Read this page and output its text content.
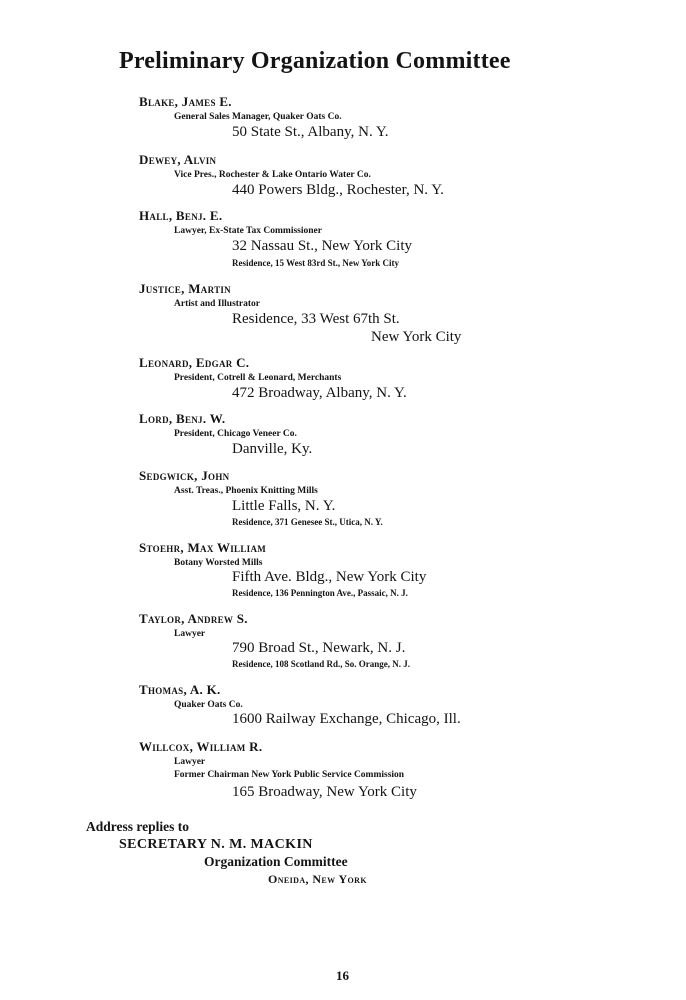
Preliminary Organization Committee
Blake, James E.
General Sales Manager, Quaker Oats Co.
50 State St., Albany, N. Y.
Dewey, Alvin
Vice Pres., Rochester & Lake Ontario Water Co.
440 Powers Bldg., Rochester, N. Y.
Hall, Benj. E.
Lawyer, Ex-State Tax Commissioner
32 Nassau St., New York City
Residence, 15 West 83rd St., New York City
Justice, Martin
Artist and Illustrator
Residence, 33 West 67th St.
New York City
Leonard, Edgar C.
President, Cotrell & Leonard, Merchants
472 Broadway, Albany, N. Y.
Lord, Benj. W.
President, Chicago Veneer Co.
Danville, Ky.
Sedgwick, John
Asst. Treas., Phoenix Knitting Mills
Little Falls, N. Y.
Residence, 371 Genesee St., Utica, N. Y.
Stoehr, Max William
Botany Worsted Mills
Fifth Ave. Bldg., New York City
Residence, 136 Pennington Ave., Passaic, N. J.
Taylor, Andrew S.
Lawyer
790 Broad St., Newark, N. J.
Residence, 108 Scotland Rd., So. Orange, N. J.
Thomas, A. K.
Quaker Oats Co.
1600 Railway Exchange, Chicago, Ill.
Willcox, William R.
Lawyer
Former Chairman New York Public Service Commission
165 Broadway, New York City
Address replies to
SECRETARY N. M. MACKIN
Organization Committee
Oneida, New York
16
